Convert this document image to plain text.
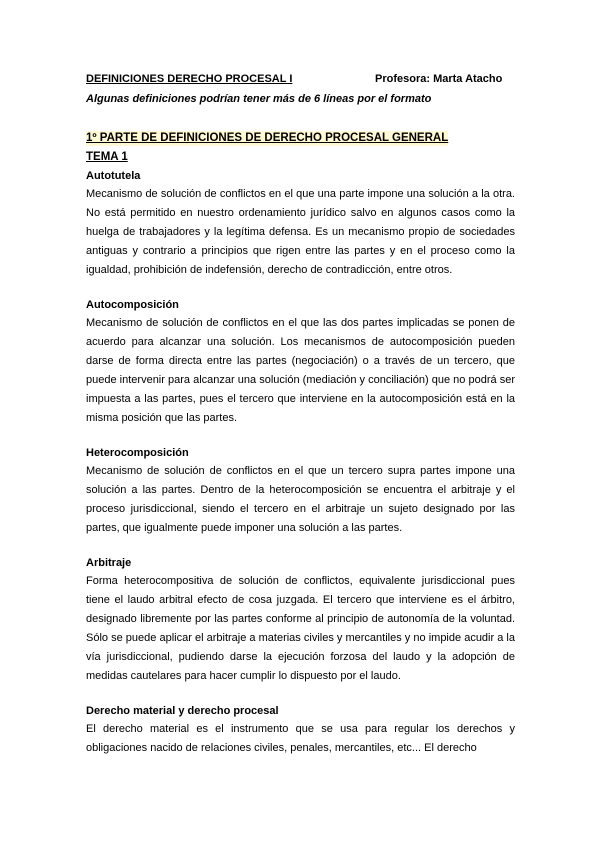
DEFINICIONES DERECHO PROCESAL I	Profesora: Marta Atacho
Algunas definiciones podrían tener más de 6 líneas por el formato
1º PARTE DE DEFINICIONES DE DERECHO PROCESAL GENERAL
TEMA 1
Autotutela

Mecanismo de solución de conflictos en el que una parte impone una solución a la otra. No está permitido en nuestro ordenamiento jurídico salvo en algunos casos como la huelga de trabajadores y la legítima defensa. Es un mecanismo propio de sociedades antiguas y contrario a principios que rigen entre las partes y en el proceso como la igualdad, prohibición de indefensión, derecho de contradicción, entre otros.

Autocomposición

Mecanismo de solución de conflictos en el que las dos partes implicadas se ponen de acuerdo para alcanzar una solución. Los mecanismos de autocomposición pueden darse de forma directa entre las partes (negociación) o a través de un tercero, que puede intervenir para alcanzar una solución (mediación y conciliación) que no podrá ser impuesta a las partes, pues el tercero que interviene en la autocomposición está en la misma posición que las partes.

Heterocomposición

Mecanismo de solución de conflictos en el que un tercero supra partes impone una solución a las partes. Dentro de la heterocomposición se encuentra el arbitraje y el proceso jurisdiccional, siendo el tercero en el arbitraje un sujeto designado por las partes, que igualmente puede imponer una solución a las partes.

Arbitraje

Forma heterocompositiva de solución de conflictos, equivalente jurisdiccional pues tiene el laudo arbitral efecto de cosa juzgada. El tercero que interviene es el árbitro, designado libremente por las partes conforme al principio de autonomía de la voluntad. Sólo se puede aplicar el arbitraje a materias civiles y mercantiles y no impide acudir a la vía jurisdiccional, pudiendo darse la ejecución forzosa del laudo y la adopción de medidas cautelares para hacer cumplir lo dispuesto por el laudo.

Derecho material y derecho procesal

El derecho material es el instrumento que se usa para regular los derechos y obligaciones nacido de relaciones civiles, penales, mercantiles, etc... El derecho
